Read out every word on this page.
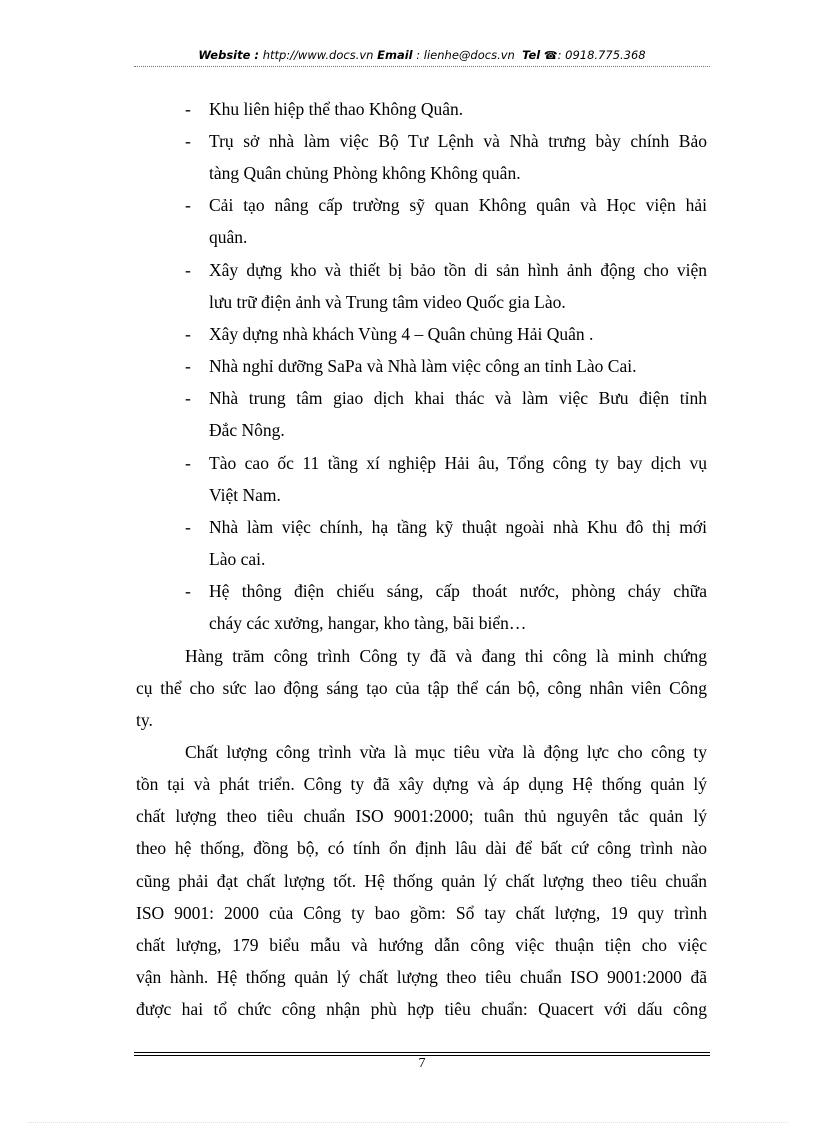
Website : http://www.docs.vn Email : lienhe@docs.vn Tel ☎: 0918.775.368
- Khu liên hiệp thể thao Không Quân.
- Trụ sở nhà làm việc Bộ Tư Lệnh và Nhà trưng bày chính Bảo
tàng Quân chủng Phòng không Không quân.
- Cải tạo nâng cấp trường sỹ quan Không quân và Học viện hải
quân.
- Xây dựng kho và thiết bị bảo tồn di sản hình ảnh động cho viện
lưu trữ điện ảnh và Trung tâm video Quốc gia Lào.
- Xây dựng nhà khách Vùng 4 – Quân chủng Hải Quân .
- Nhà nghỉ dưỡng SaPa và Nhà làm việc công an tỉnh Lào Cai.
- Nhà trung tâm giao dịch khai thác và làm việc Bưu điện tỉnh
Đắc Nông.
- Tào cao ốc 11 tầng xí nghiệp Hải âu, Tổng công ty bay dịch vụ
Việt Nam.
- Nhà làm việc chính, hạ tầng kỹ thuật ngoài nhà Khu đô thị mới
Lào cai.
- Hệ thông điện chiếu sáng, cấp thoát nước, phòng cháy chữa
cháy các xưởng, hangar, kho tàng, bãi biển…
Hàng trăm công trình Công ty đã và đang thi công là minh chứng
cụ thể cho sức lao động sáng tạo của tập thể cán bộ, công nhân viên Công
ty.
Chất lượng công trình vừa là mục tiêu vừa là động lực cho công ty
tồn tại và phát triển. Công ty đã xây dựng và áp dụng Hệ thống quản lý
chất lượng theo tiêu chuẩn ISO 9001:2000; tuân thủ nguyên tắc quản lý
theo hệ thống, đồng bộ, có tính ổn định lâu dài để bất cứ công trình nào
cũng phải đạt chất lượng tốt. Hệ thống quản lý chất lượng theo tiêu chuẩn
ISO 9001: 2000 của Công ty bao gồm: Sổ tay chất lượng, 19 quy trình
chất lượng, 179 biểu mẫu và hướng dẫn công việc thuận tiện cho việc
vận hành. Hệ thống quản lý chất lượng theo tiêu chuẩn ISO 9001:2000 đã
được hai tổ chức công nhận phù hợp tiêu chuẩn: Quacert với dấu công
7
